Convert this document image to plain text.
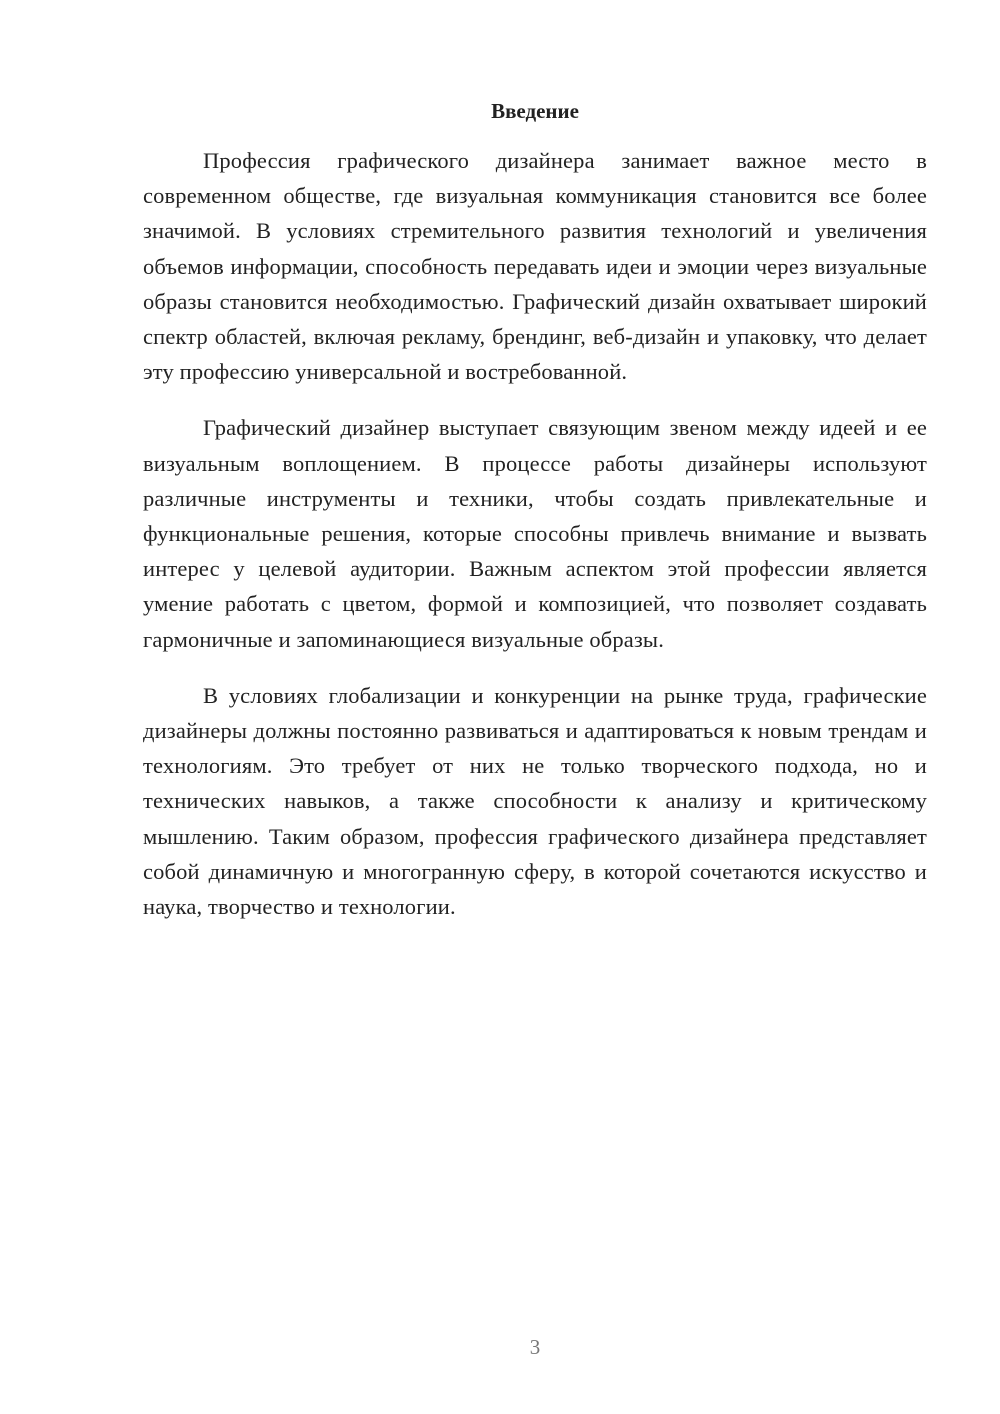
Введение

Профессия графического дизайнера занимает важное место в современном обществе, где визуальная коммуникация становится все более значимой. В условиях стремительного развития технологий и увеличения объемов информации, способность передавать идеи и эмоции через визуальные образы становится необходимостью. Графический дизайн охватывает широкий спектр областей, включая рекламу, брендинг, веб-дизайн и упаковку, что делает эту профессию универсальной и востребованной.

Графический дизайнер выступает связующим звеном между идеей и ее визуальным воплощением. В процессе работы дизайнеры используют различные инструменты и техники, чтобы создать привлекательные и функциональные решения, которые способны привлечь внимание и вызвать интерес у целевой аудитории. Важным аспектом этой профессии является умение работать с цветом, формой и композицией, что позволяет создавать гармоничные и запоминающиеся визуальные образы.

В условиях глобализации и конкуренции на рынке труда, графические дизайнеры должны постоянно развиваться и адаптироваться к новым трендам и технологиям. Это требует от них не только творческого подхода, но и технических навыков, а также способности к анализу и критическому мышлению. Таким образом, профессия графического дизайнера представляет собой динамичную и многогранную сферу, в которой сочетаются искусство и наука, творчество и технологии.

3
